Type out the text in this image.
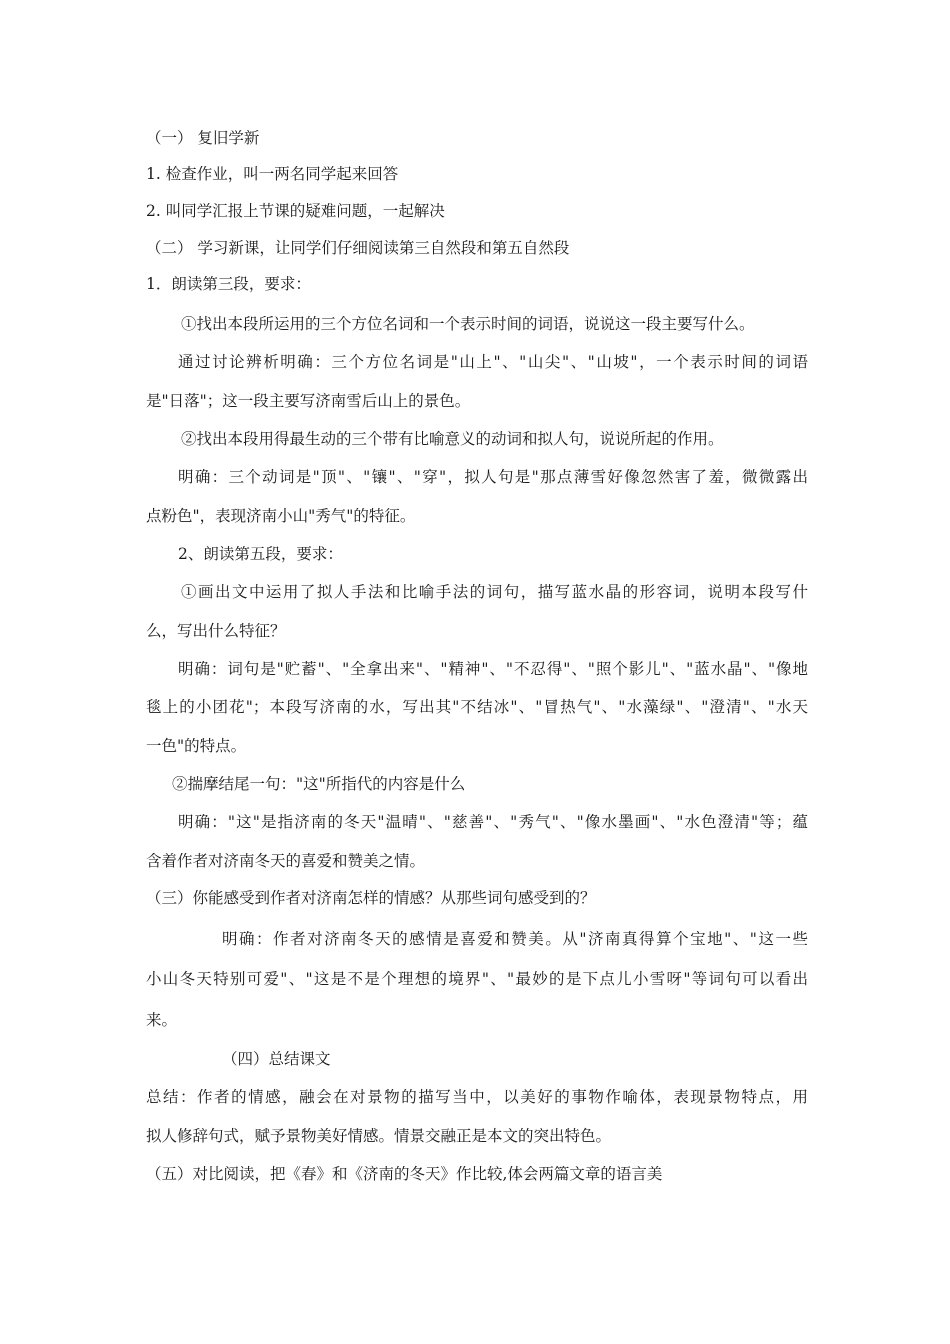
（一） 复旧学新
1. 检查作业，叫一两名同学起来回答
2. 叫同学汇报上节课的疑难问题，一起解决
（二） 学习新课，让同学们仔细阅读第三自然段和第五自然段
1．朗读第三段，要求：
①找出本段所运用的三个方位名词和一个表示时间的词语，说说这一段主要写什么。
通过讨论辨析明确：三个方位名词是"山上"、"山尖"、"山坡"，一个表示时间的词语
是"日落"；这一段主要写济南雪后山上的景色。
②找出本段用得最生动的三个带有比喻意义的动词和拟人句，说说所起的作用。
明确：三个动词是"顶"、"镶"、"穿"，拟人句是"那点薄雪好像忽然害了羞，微微露出
点粉色"，表现济南小山"秀气"的特征。
2、朗读第五段，要求：
①画出文中运用了拟人手法和比喻手法的词句，描写蓝水晶的形容词，说明本段写什
么，写出什么特征？
明确：词句是"贮蓄"、"全拿出来"、"精神"、"不忍得"、"照个影儿"、"蓝水晶"、"像地
毯上的小团花"；本段写济南的水，写出其"不结冰"、"冒热气"、"水藻绿"、"澄清"、"水天
一色"的特点。
②揣摩结尾一句："这"所指代的内容是什么
明确："这"是指济南的冬天"温晴"、"慈善"、"秀气"、"像水墨画"、"水色澄清"等；蕴
含着作者对济南冬天的喜爱和赞美之情。
（三）你能感受到作者对济南怎样的情感？从那些词句感受到的？
明确：作者对济南冬天的感情是喜爱和赞美。从"济南真得算个宝地"、"这一些
小山冬天特别可爱"、"这是不是个理想的境界"、"最妙的是下点儿小雪呀"等词句可以看出
来。
（四）总结课文
总结：作者的情感，融会在对景物的描写当中，以美好的事物作喻体，表现景物特点，用
拟人修辞句式，赋予景物美好情感。情景交融正是本文的突出特色。
（五）对比阅读，把《春》和《济南的冬天》作比较,体会两篇文章的语言美
